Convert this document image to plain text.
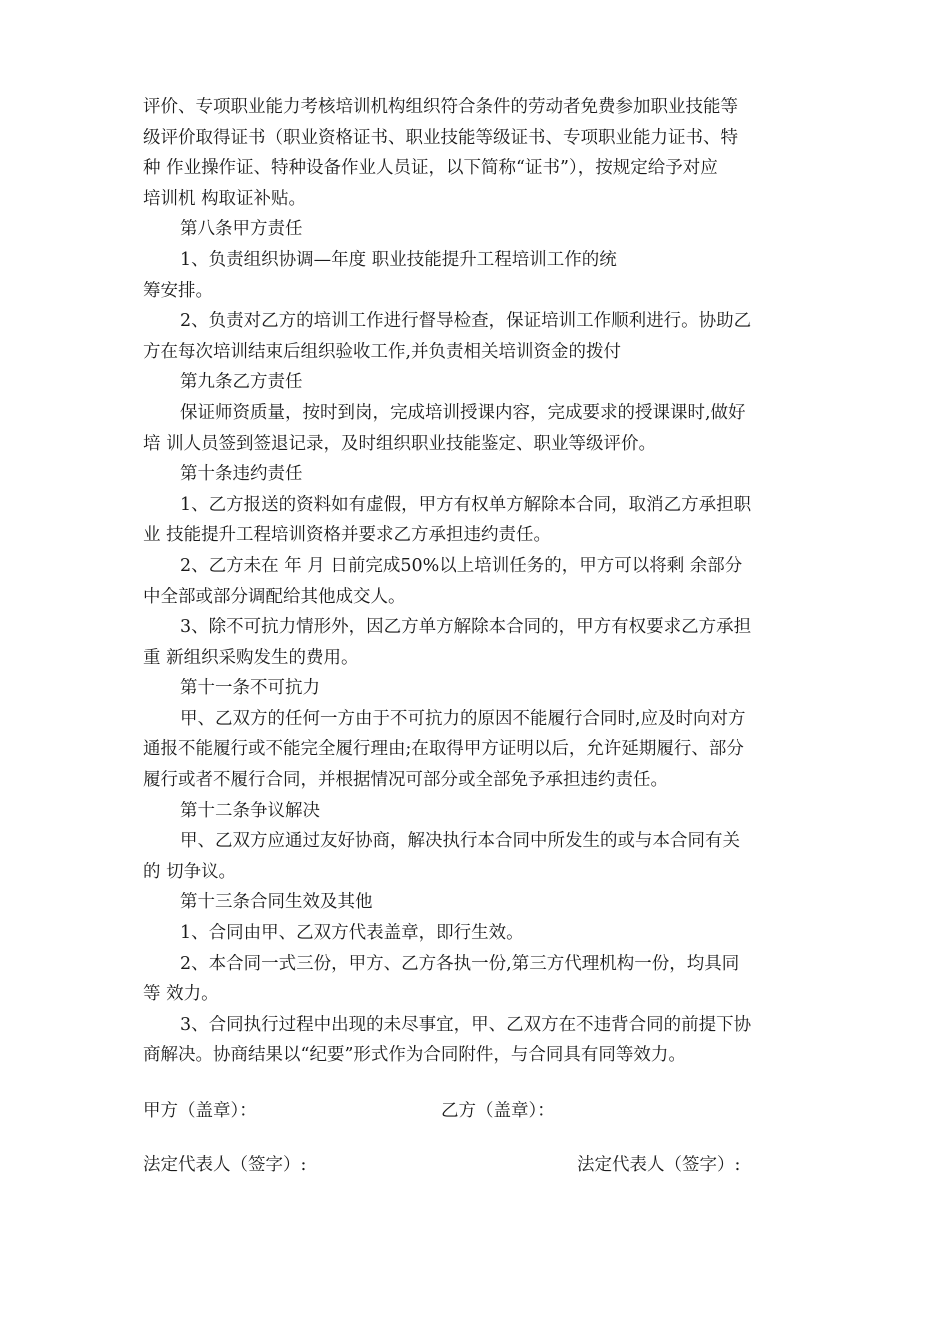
评价、专项职业能力考核培训机构组织符合条件的劳动者免费参加职业技能等
级评价取得证书（职业资格证书、职业技能等级证书、专项职业能力证书、特
种 作业操作证、特种设备作业人员证，以下简称“证书”），按规定给予对应
培训机 构取证补贴。
第八条甲方责任
1、负责组织协调—年度 职业技能提升工程培训工作的统
筹安排。
2、负责对乙方的培训工作进行督导检查，保证培训工作顺利进行。协助乙
方在每次培训结束后组织验收工作,并负责相关培训资金的拨付
第九条乙方责任
保证师资质量，按时到岗，完成培训授课内容，完成要求的授课课时,做好
培 训人员签到签退记录，及时组织职业技能鉴定、职业等级评价。
第十条违约责任
1、乙方报送的资料如有虚假，甲方有权单方解除本合同，取消乙方承担职
业 技能提升工程培训资格并要求乙方承担违约责任。
2、乙方未在 年 月 日前完成50%以上培训任务的，甲方可以将剩 余部分
中全部或部分调配给其他成交人。
3、除不可抗力情形外，因乙方单方解除本合同的，甲方有权要求乙方承担
重 新组织采购发生的费用。
第十一条不可抗力
甲、乙双方的任何一方由于不可抗力的原因不能履行合同时,应及时向对方
通报不能履行或不能完全履行理由;在取得甲方证明以后，允许延期履行、部分
履行或者不履行合同，并根据情况可部分或全部免予承担违约责任。
第十二条争议解决
甲、乙双方应通过友好协商，解决执行本合同中所发生的或与本合同有关
的 切争议。
第十三条合同生效及其他
1、合同由甲、乙双方代表盖章，即行生效。
2、本合同一式三份，甲方、乙方各执一份,第三方代理机构一份，均具同
等 效力。
3、合同执行过程中出现的未尽事宜，甲、乙双方在不违背合同的前提下协
商解决。协商结果以“纪要”形式作为合同附件，与合同具有同等效力。
甲方（盖章）：	乙方（盖章）：
法定代表人（签字）:	法定代表人（签字）:
